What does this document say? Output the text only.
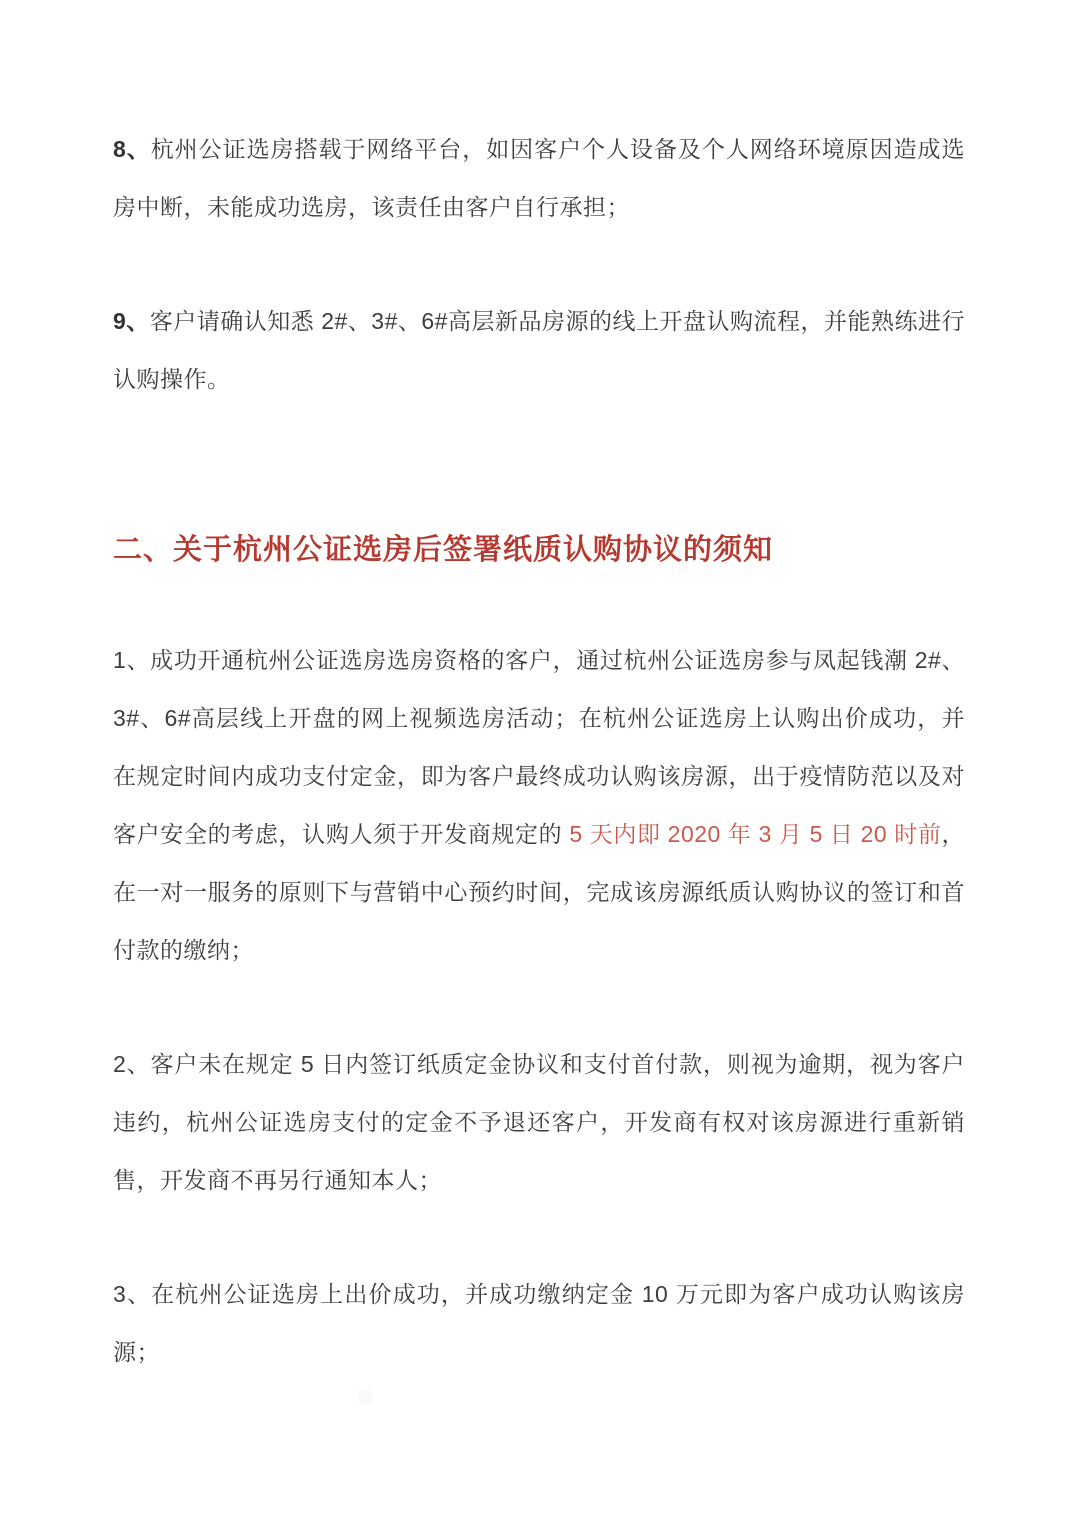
8、杭州公证选房搭载于网络平台，如因客户个人设备及个人网络环境原因造成选房中断，未能成功选房，该责任由客户自行承担；

9、客户请确认知悉 2#、3#、6#高层新品房源的线上开盘认购流程，并能熟练进行认购操作。

二、关于杭州公证选房后签署纸质认购协议的须知

1、成功开通杭州公证选房选房资格的客户，通过杭州公证选房参与凤起钱潮 2#、3#、6#高层线上开盘的网上视频选房活动；在杭州公证选房上认购出价成功，并在规定时间内成功支付定金，即为客户最终成功认购该房源，出于疫情防范以及对客户安全的考虑，认购人须于开发商规定的 5 天内即 2020 年 3 月 5 日 20 时前，在一对一服务的原则下与营销中心预约时间，完成该房源纸质认购协议的签订和首付款的缴纳；

2、客户未在规定 5 日内签订纸质定金协议和支付首付款，则视为逾期，视为客户违约，杭州公证选房支付的定金不予退还客户，开发商有权对该房源进行重新销售，开发商不再另行通知本人；

3、在杭州公证选房上出价成功，并成功缴纳定金 10 万元即为客户成功认购该房源；
